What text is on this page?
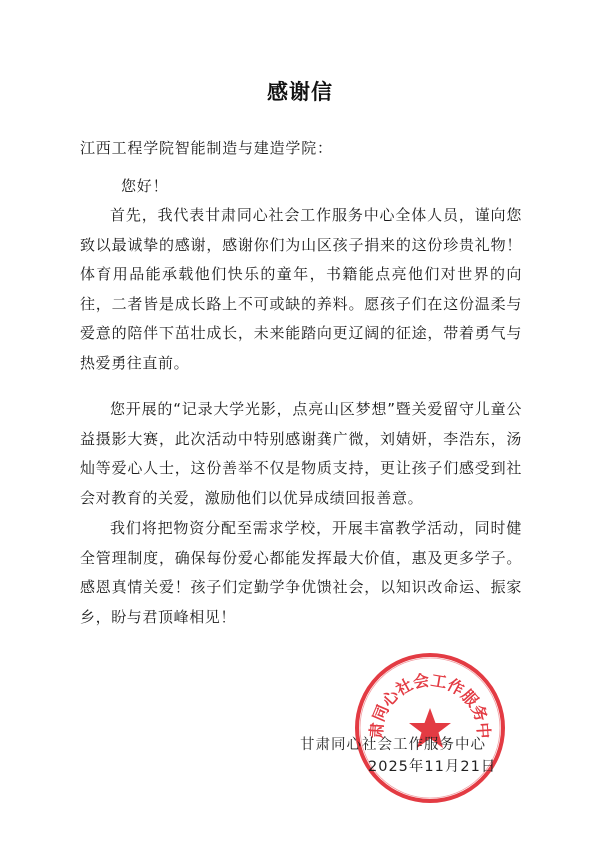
感谢信
江西工程学院智能制造与建造学院：
您好！

首先，我代表甘肃同心社会工作服务中心全体人员，谨向您致以最诚挚的感谢，感谢你们为山区孩子捐来的这份珍贵礼物！体育用品能承载他们快乐的童年，书籍能点亮他们对世界的向往，二者皆是成长路上不可或缺的养料。愿孩子们在这份温柔与爱意的陪伴下茁壮成长，未来能踏向更辽阔的征途，带着勇气与热爱勇往直前。

您开展的“记录大学光影，点亮山区梦想”暨关爱留守儿童公益摄影大赛，此次活动中特别感谢龚广微，刘婧妍，李浩东，汤灿等爱心人士，这份善举不仅是物质支持，更让孩子们感受到社会对教育的关爱，激励他们以优异成绩回报善意。

我们将把物资分配至需求学校，开展丰富教学活动，同时健全管理制度，确保每份爱心都能发挥最大价值，惠及更多学子。感恩真情关爱！孩子们定勤学争优馈社会，以知识改命运、振家乡，盼与君顶峰相见！

肃同心社会工作服务中
甘肃同心社会工作服务中心
2025年11月21日
